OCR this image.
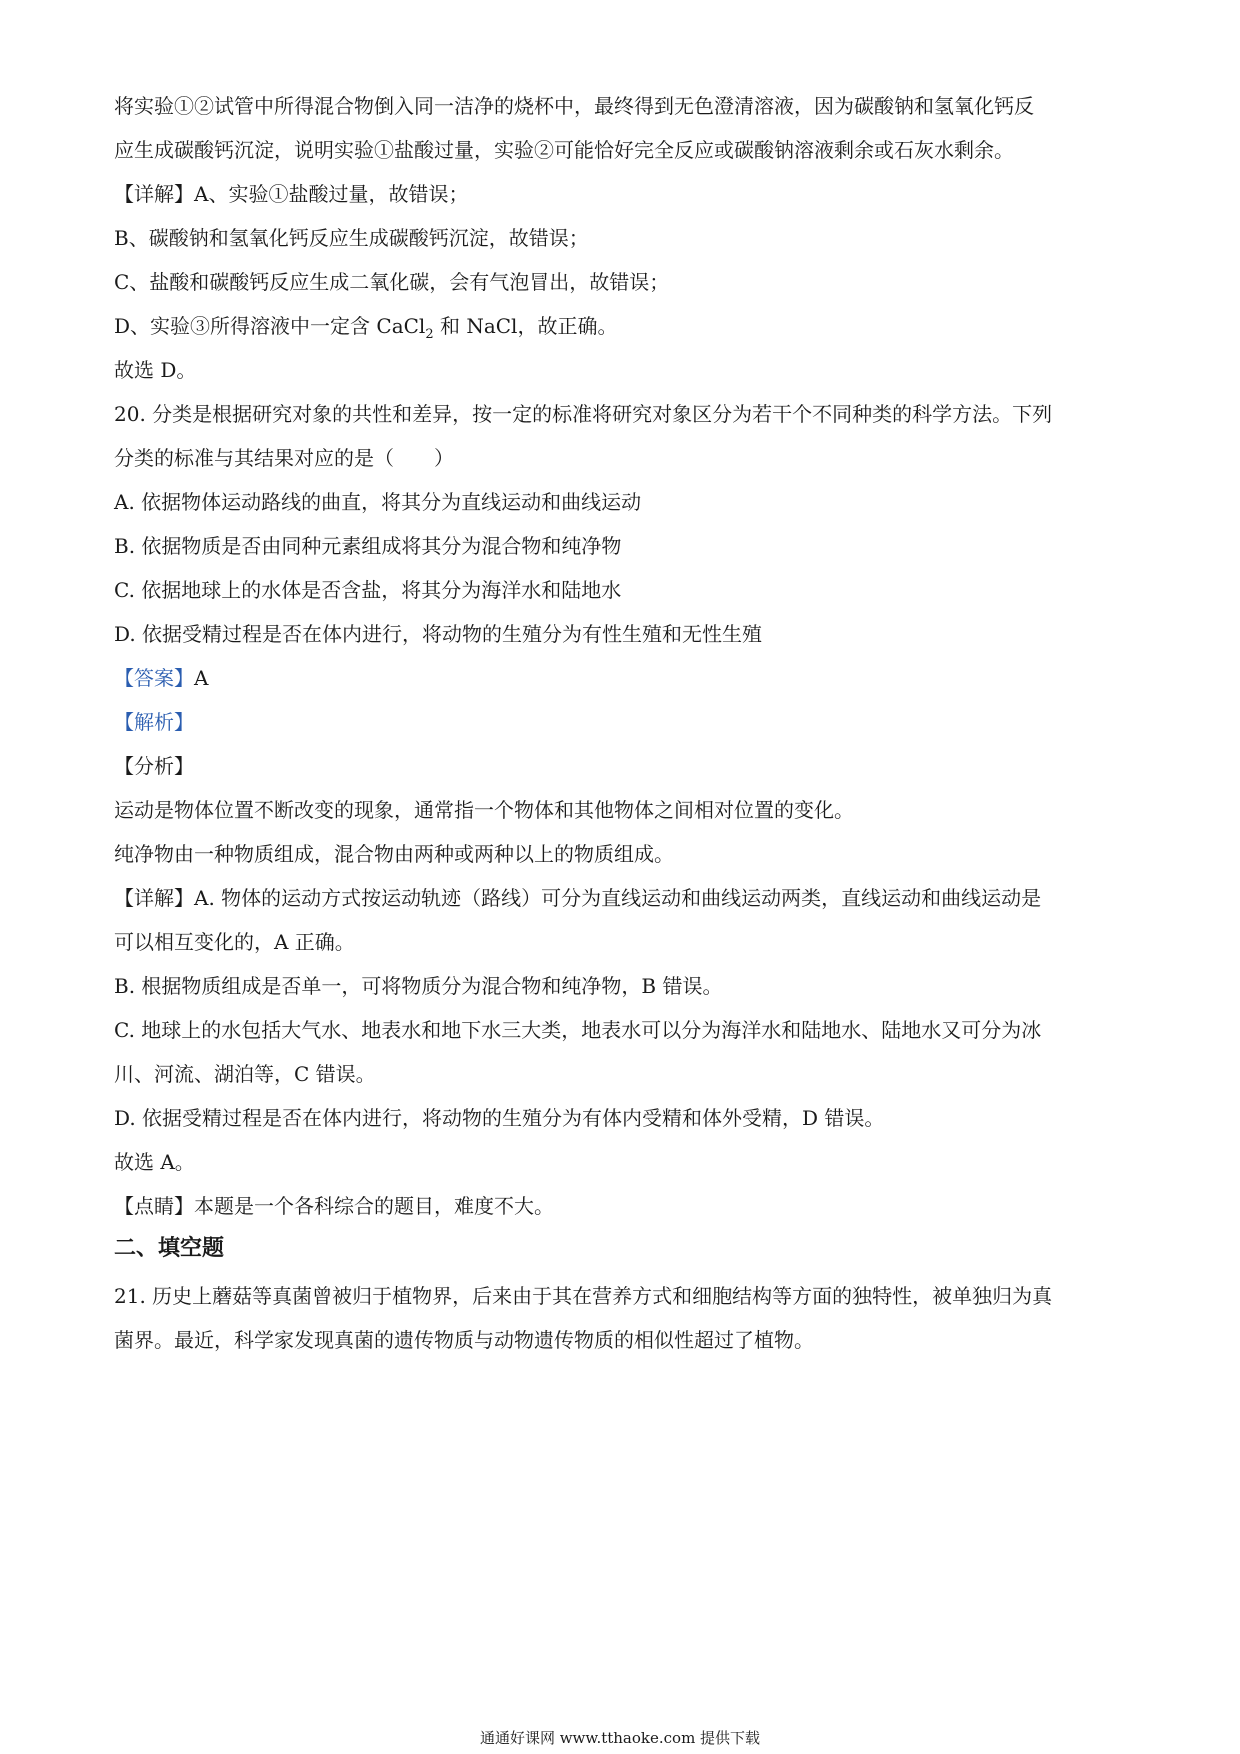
将实验①②试管中所得混合物倒入同一洁净的烧杯中，最终得到无色澄清溶液，因为碳酸钠和氢氧化钙反
应生成碳酸钙沉淀，说明实验①盐酸过量，实验②可能恰好完全反应或碳酸钠溶液剩余或石灰水剩余。
【详解】A、实验①盐酸过量，故错误；
B、碳酸钠和氢氧化钙反应生成碳酸钙沉淀，故错误；
C、盐酸和碳酸钙反应生成二氧化碳，会有气泡冒出，故错误；
D、实验③所得溶液中一定含 CaCl$_2$ 和 NaCl，故正确。
故选 D。
20. 分类是根据研究对象的共性和差异，按一定的标准将研究对象区分为若干个不同种类的科学方法。下列
分类的标准与其结果对应的是（　　）
A. 依据物体运动路线的曲直，将其分为直线运动和曲线运动
B. 依据物质是否由同种元素组成将其分为混合物和纯净物
C. 依据地球上的水体是否含盐，将其分为海洋水和陆地水
D. 依据受精过程是否在体内进行，将动物的生殖分为有性生殖和无性生殖
【答案】A
【解析】
【分析】
运动是物体位置不断改变的现象，通常指一个物体和其他物体之间相对位置的变化。
纯净物由一种物质组成，混合物由两种或两种以上的物质组成。
【详解】A. 物体的运动方式按运动轨迹（路线）可分为直线运动和曲线运动两类，直线运动和曲线运动是
可以相互变化的，A 正确。
B. 根据物质组成是否单一，可将物质分为混合物和纯净物，B 错误。
C. 地球上的水包括大气水、地表水和地下水三大类，地表水可以分为海洋水和陆地水、陆地水又可分为冰
川、河流、湖泊等，C 错误。
D. 依据受精过程是否在体内进行，将动物的生殖分为有体内受精和体外受精，D 错误。
故选 A。
【点睛】本题是一个各科综合的题目，难度不大。
二、填空题
21. 历史上蘑菇等真菌曾被归于植物界，后来由于其在营养方式和细胞结构等方面的独特性，被单独归为真
菌界。最近，科学家发现真菌的遗传物质与动物遗传物质的相似性超过了植物。
通通好课网 www.tthaoke.com 提供下载
